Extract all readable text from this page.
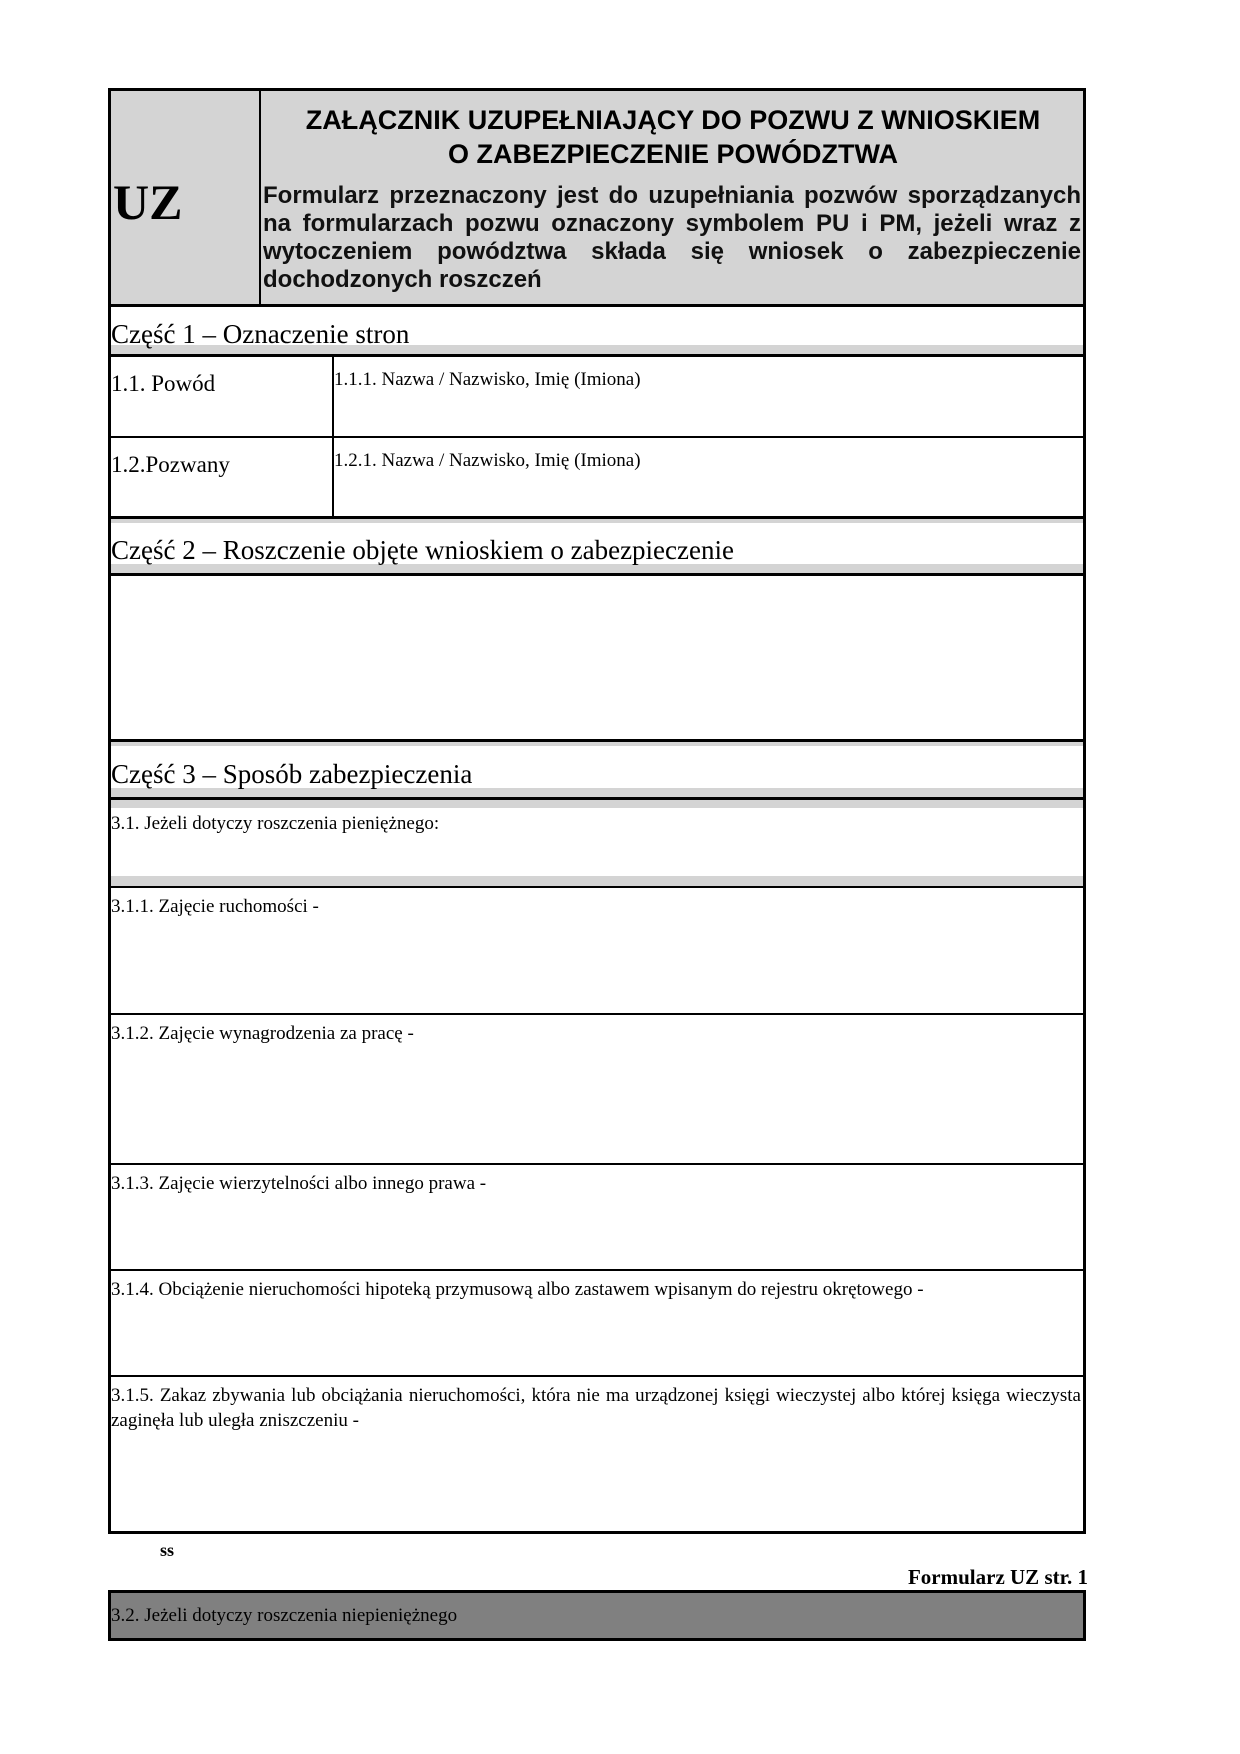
UZ
ZAŁĄCZNIK UZUPEŁNIAJĄCY DO POZWU Z WNIOSKIEM
O ZABEZPIECZENIE POWÓDZTWA
Formularz przeznaczony jest do uzupełniania pozwów sporządzanych na formularzach pozwu oznaczony symbolem PU i PM, jeżeli wraz z wytoczeniem powództwa składa się wniosek o zabezpieczenie dochodzonych roszczeń
Część 1 – Oznaczenie stron
1.1. Powód	1.1.1. Nazwa / Nazwisko, Imię (Imiona)
1.2.Pozwany	1.2.1. Nazwa / Nazwisko, Imię (Imiona)
Część 2 – Roszczenie objęte wnioskiem o zabezpieczenie
Część 3 – Sposób zabezpieczenia
3.1. Jeżeli dotyczy roszczenia pieniężnego:
3.1.1. Zajęcie ruchomości -
3.1.2. Zajęcie wynagrodzenia za pracę -
3.1.3. Zajęcie wierzytelności albo innego prawa -
3.1.4. Obciążenie nieruchomości hipoteką przymusową albo zastawem wpisanym do rejestru okrętowego -
3.1.5. Zakaz zbywania lub obciążania nieruchomości, która nie ma urządzonej księgi wieczystej albo której księga wieczysta zaginęła lub uległa zniszczeniu -
ss
Formularz UZ str. 1
3.2. Jeżeli dotyczy roszczenia niepieniężnego
